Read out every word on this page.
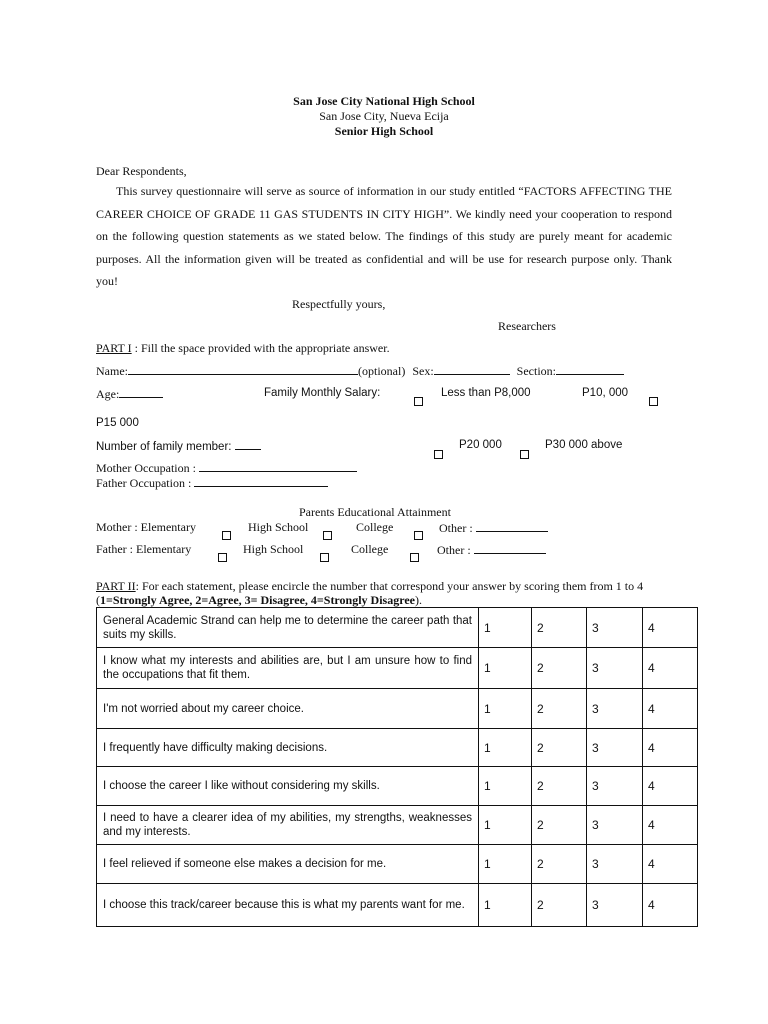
San Jose City National High School
San Jose City, Nueva Ecija
Senior High School
Dear Respondents,
This survey questionnaire will serve as source of information in our study entitled “FACTORS AFFECTING THE CAREER CHOICE OF GRADE 11 GAS STUDENTS IN CITY HIGH”. We kindly need your cooperation to respond on the following question statements as we stated below. The findings of this study are purely meant for academic purposes. All the information given will be treated as confidential and will be use for research purpose only. Thank you!
Respectfully yours,
Researchers
PART I : Fill the space provided with the appropriate answer.
Name:	(optional) Sex:	Section:
Age:	Family Monthly Salary:	Less than P8,000	P10, 000
P15 000
Number of family member:	P20 000	P30 000 above
Mother Occupation :
Father Occupation :
Parents Educational Attainment
Mother : Elementary	High School	College	Other :
Father : Elementary	High School	College	Other :
PART II: For each statement, please encircle the number that correspond your answer by scoring them from 1 to 4 (1=Strongly Agree, 2=Agree, 3= Disagree, 4=Strongly Disagree).
General Academic Strand can help me to determine the career path that suits my skills.	1	2	3	4
I know what my interests and abilities are, but I am unsure how to find the occupations that fit them.	1	2	3	4
I'm not worried about my career choice.	1	2	3	4
I frequently have difficulty making decisions.	1	2	3	4
I choose the career I like without considering my skills.	1	2	3	4
I need to have a clearer idea of my abilities, my strengths, weaknesses and my interests.	1	2	3	4
I feel relieved if someone else makes a decision for me.	1	2	3	4
I choose this track/career because this is what my parents want for me.	1	2	3	4
